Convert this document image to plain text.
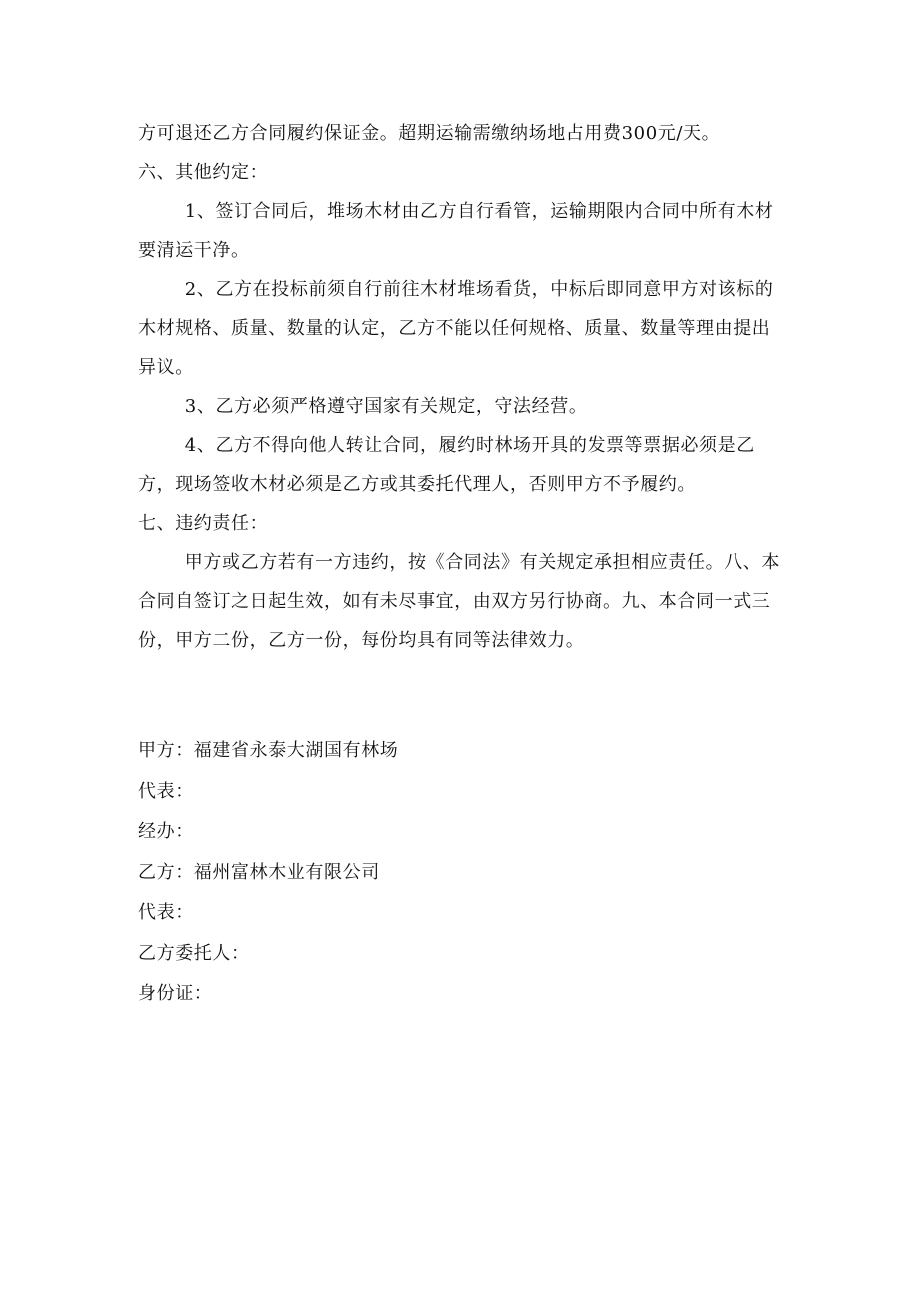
方可退还乙方合同履约保证金。超期运输需缴纳场地占用费300元/天。

六、其他约定：

1、签订合同后，堆场木材由乙方自行看管，运输期限内合同中所有木材要清运干净。

2、乙方在投标前须自行前往木材堆场看货，中标后即同意甲方对该标的木材规格、质量、数量的认定，乙方不能以任何规格、质量、数量等理由提出异议。

3、乙方必须严格遵守国家有关规定，守法经营。

4、乙方不得向他人转让合同，履约时林场开具的发票等票据必须是乙方，现场签收木材必须是乙方或其委托代理人，否则甲方不予履约。

七、违约责任：

甲方或乙方若有一方违约，按《合同法》有关规定承担相应责任。八、本合同自签订之日起生效，如有未尽事宜，由双方另行协商。九、本合同一式三份，甲方二份，乙方一份，每份均具有同等法律效力。

甲方：福建省永泰大湖国有林场

代表：

经办：

乙方：福州富林木业有限公司

代表：

乙方委托人：

身份证：
